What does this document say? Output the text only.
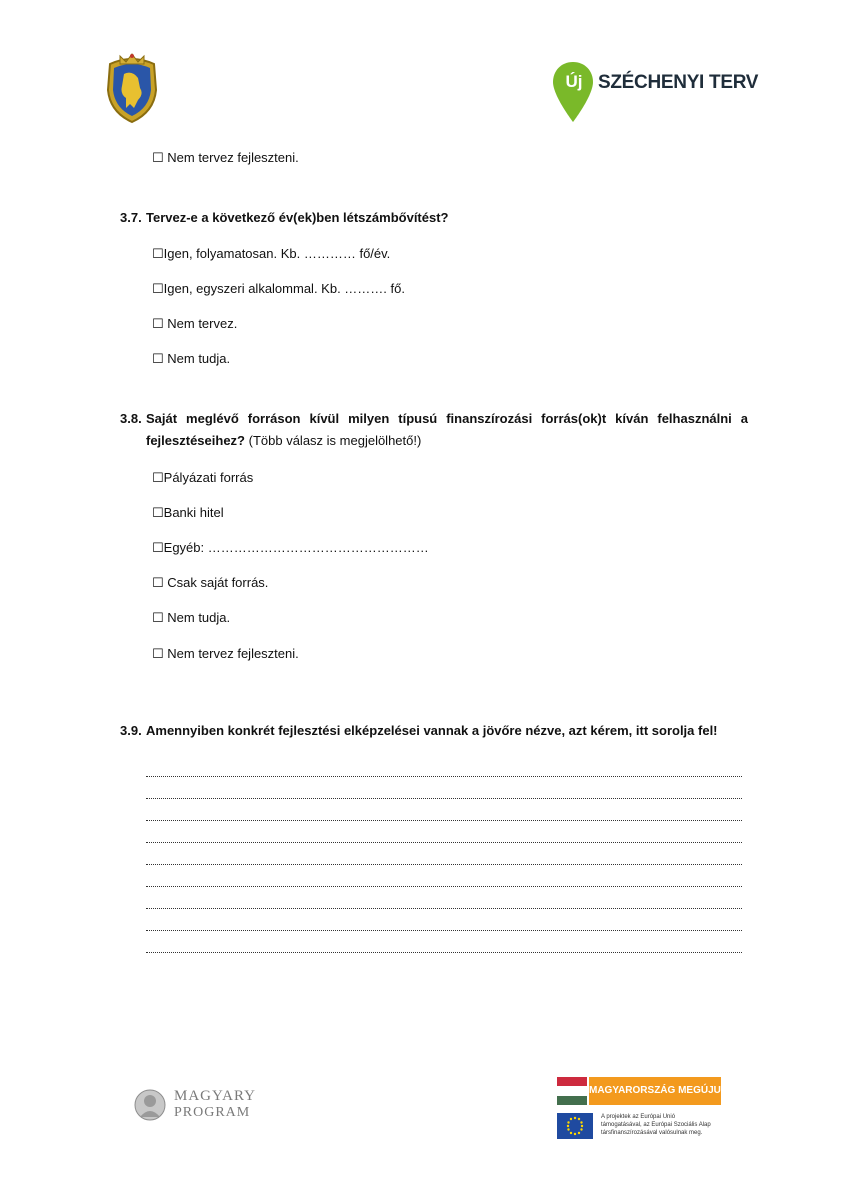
Új SZÉCHENYI TERV
☐ Nem tervez fejleszteni.
3.7. Tervez-e a következő év(ek)ben létszámbővítést?
☐Igen, folyamatosan. Kb. ………… fő/év.
☐Igen, egyszeri alkalommal. Kb. ………. fő.
☐ Nem tervez.
☐ Nem tudja.
3.8. Saját meglévő forráson kívül milyen típusú finanszírozási forrás(ok)t kíván felhasználni a fejlesztéseihez? (Több válasz is megjelölhető!)
☐Pályázati forrás
☐Banki hitel
☐Egyéb: ……………………………………………
☐ Csak saját forrás.
☐ Nem tudja.
☐ Nem tervez fejleszteni.
3.9. Amennyiben konkrét fejlesztési elképzelései vannak a jövőre nézve, azt kérem, itt sorolja fel!
MAGYARY
PROGRAM
MAGYARORSZÁG MEGÚJUL
A projektek az Európai Unió
támogatásával, az Európai Szociális Alap
társfinanszírozásával valósulnak meg.
